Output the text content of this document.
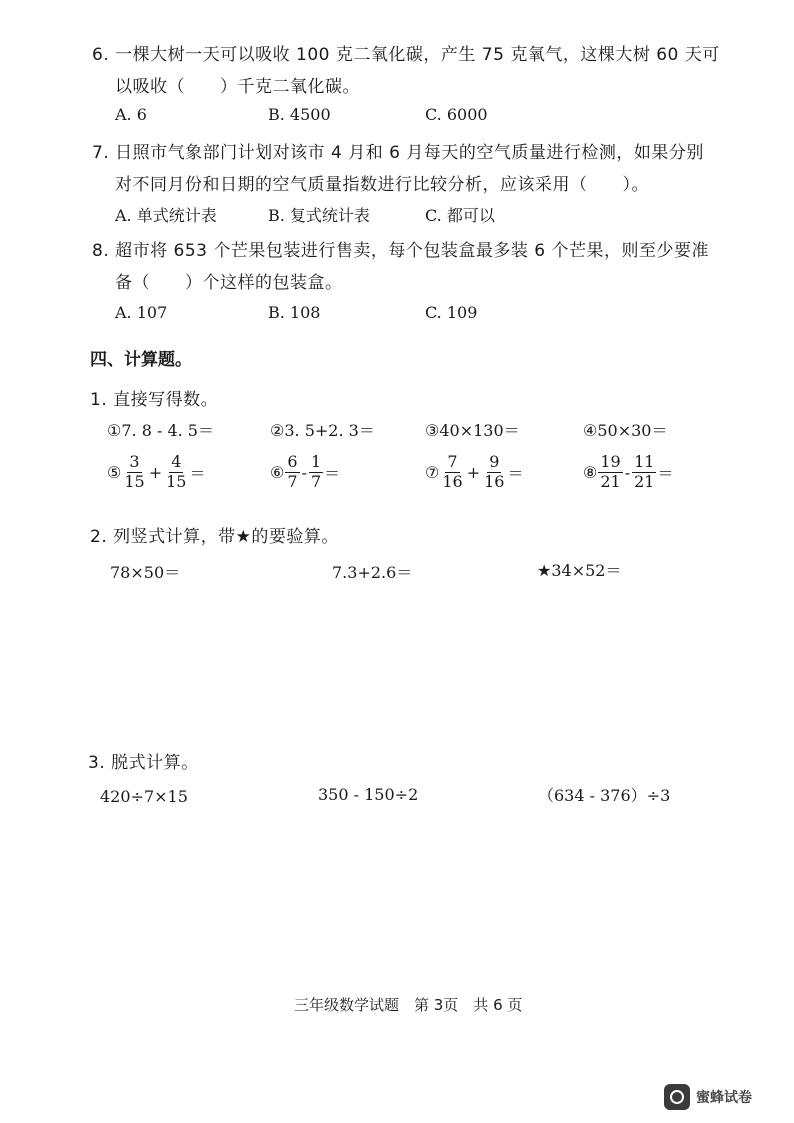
6. 一棵大树一天可以吸收 100 克二氧化碳，产生 75 克氧气，这棵大树 60 天可
以吸收（　　）千克二氧化碳。
A. 6	B. 4500	C. 6000
7. 日照市气象部门计划对该市 4 月和 6 月每天的空气质量进行检测，如果分别
对不同月份和日期的空气质量指数进行比较分析，应该采用（　　）。
A. 单式统计表	B. 复式统计表	C. 都可以
8. 超市将 653 个芒果包装进行售卖，每个包装盒最多装 6 个芒果，则至少要准
备（　　）个这样的包装盒。
A. 107	B. 108	C. 109
四、计算题。
1. 直接写得数。
①7. 8 - 4. 5＝	②3. 5+2. 3＝	③40×130＝	④50×30＝
⑤ $\frac{3}{15} + \frac{4}{15}$ ＝	⑥ $\frac{6}{7} - \frac{1}{7}$ ＝	⑦ $\frac{7}{16} + \frac{9}{16}$ ＝	⑧ $\frac{19}{21} - \frac{11}{21}$ ＝
2. 列竖式计算，带★的要验算。
78×50＝	7.3+2.6＝	★34×52＝
3. 脱式计算。
420÷7×15	350 - 150÷2	（634 - 376）÷3
三年级数学试题　第 3页　共 6 页
蜜蜂试卷
